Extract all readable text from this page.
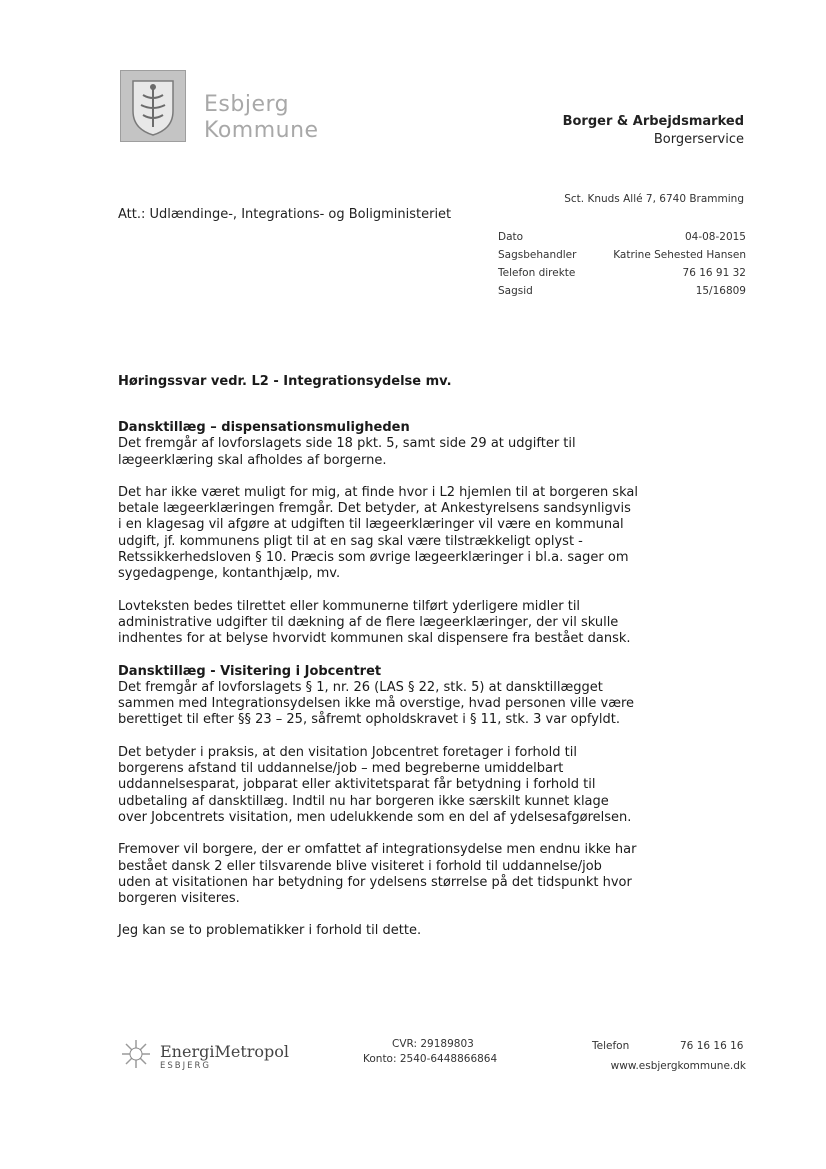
Esbjerg
Kommune	Borger & Arbejdsmarked
Borgerservice
Sct. Knuds Allé 7, 6740 Bramming
Att.: Udlændinge-, Integrations- og Boligministeriet
Dato	04-08-2015
Sagsbehandler	Katrine Sehested Hansen
Telefon direkte	76 16 91 32
Sagsid	15/16809
Høringssvar vedr. L2 - Integrationsydelse mv.
Dansktillæg – dispensationsmuligheden

Det fremgår af lovforslagets side 18 pkt. 5, samt side 29 at udgifter til lægeerklæring skal afholdes af borgerne.

Det har ikke været muligt for mig, at finde hvor i L2 hjemlen til at borgeren skal betale lægeerklæringen fremgår. Det betyder, at Ankestyrelsens sandsynligvis i en klagesag vil afgøre at udgiften til lægeerklæringer vil være en kommunal udgift, jf. kommunens pligt til at en sag skal være tilstrækkeligt oplyst - Retssikkerhedsloven § 10. Præcis som øvrige lægeerklæringer i bl.a. sager om sygedagpenge, kontanthjælp, mv.

Lovteksten bedes tilrettet eller kommunerne tilført yderligere midler til administrative udgifter til dækning af de flere lægeerklæringer, der vil skulle indhentes for at belyse hvorvidt kommunen skal dispensere fra bestået dansk.

Dansktillæg - Visitering i Jobcentret

Det fremgår af lovforslagets § 1, nr. 26 (LAS § 22, stk. 5) at dansktillægget sammen med Integrationsydelsen ikke må overstige, hvad personen ville være berettiget til efter §§ 23 – 25, såfremt opholdskravet i § 11, stk. 3 var opfyldt.

Det betyder i praksis, at den visitation Jobcentret foretager i forhold til borgerens afstand til uddannelse/job – med begreberne umiddelbart uddannelsesparat, jobparat eller aktivitetsparat får betydning i forhold til udbetaling af dansktillæg. Indtil nu har borgeren ikke særskilt kunnet klage over Jobcentrets visitation, men udelukkende som en del af ydelsesafgørelsen.

Fremover vil borgere, der er omfattet af integrationsydelse men endnu ikke har bestået dansk 2 eller tilsvarende blive visiteret i forhold til uddannelse/job uden at visitationen har betydning for ydelsens størrelse på det tidspunkt hvor borgeren visiteres.

Jeg kan se to problematikker i forhold til dette.

EnergiMetropol
ESBJERG
CVR: 29189803
Konto: 2540-6448866864
Telefon	76 16 16 16
www.esbjergkommune.dk
